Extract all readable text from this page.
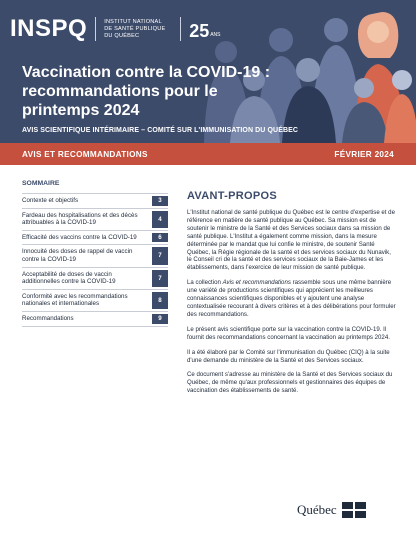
INSPQ	INSTITUT NATIONAL
DE SANTÉ PUBLIQUE
DU QUÉBEC	25 ANS
Vaccination contre la COVID-19 :
recommandations pour le
printemps 2024
AVIS SCIENTIFIQUE INTÉRIMAIRE – COMITÉ SUR L'IMMUNISATION DU QUÉBEC
AVIS ET RECOMMANDATIONS	FÉVRIER 2024
SOMMAIRE
Contexte et objectifs	3
Fardeau des hospitalisations et des décès attribuables à la COVID-19	4
Efficacité des vaccins contre la COVID-19	6
Innocuité des doses de rappel de vaccin contre la COVID-19	7
Acceptabilité de doses de vaccin additionnelles contre la COVID-19	7
Conformité avec les recommandations nationales et internationales	8
Recommandations	9
AVANT-PROPOS

L'Institut national de santé publique du Québec est le centre d'expertise et de référence en matière de santé publique au Québec. Sa mission est de soutenir le ministre de la Santé et des Services sociaux dans sa mission de santé publique. L'Institut a également comme mission, dans la mesure déterminée par le mandat que lui confie le ministre, de soutenir Santé Québec, la Régie régionale de la santé et des services sociaux du Nunavik, le Conseil cri de la santé et des services sociaux de la Baie-James et les établissements, dans l'exercice de leur mission de santé publique.

La collection Avis et recommandations rassemble sous une même bannière une variété de productions scientifiques qui apprécient les meilleures connaissances scientifiques disponibles et y ajoutent une analyse contextualisée recourant à divers critères et à des délibérations pour formuler des recommandations.

Le présent avis scientifique porte sur la vaccination contre la COVID-19. Il fournit des recommandations concernant la vaccination au printemps 2024.

Il a été élaboré par le Comité sur l'immunisation du Québec (CIQ) à la suite d'une demande du ministère de la Santé et des Services sociaux.

Ce document s'adresse au ministère de la Santé et des Services sociaux du Québec, de même qu'aux professionnels et gestionnaires des équipes de vaccination des établissements de santé.

Québec
